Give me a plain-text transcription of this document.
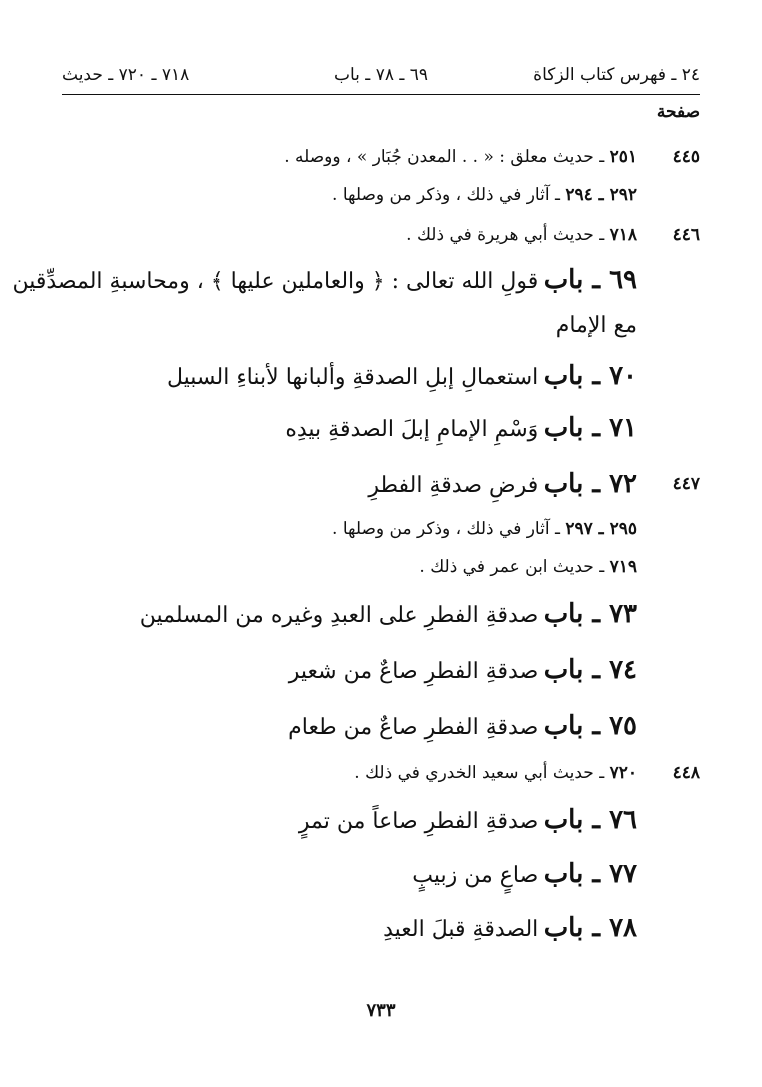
٢٤ ـ فهرس كتاب الزكاة
٦٩ ـ ٧٨ ـ باب
٧١٨ ـ ٧٢٠ ـ حديث
صفحة
٤٤٥
٢٥١ ـ حديث معلق : « . . المعدن جُبَار » ، ووصله .
٢٩٢ ـ ٢٩٤ ـ آثار في ذلك ، وذكر من وصلها .
٤٤٦
٧١٨ ـ حديث أبي هريرة في ذلك .
٦٩ ـ باب قولِ الله تعالى : ﴿ والعاملين عليها ﴾ ، ومحاسبةِ المصدِّقين
مع الإمام
٧٠ ـ باب استعمالِ إبلِ الصدقةِ وألبانها لأبناءِ السبيل
٧١ ـ باب وَسْمِ الإمامِ إبلَ الصدقةِ بيدِه
٤٤٧
٧٢ ـ باب فرضِ صدقةِ الفطرِ
٢٩٥ ـ ٢٩٧ ـ آثار في ذلك ، وذكر من وصلها .
٧١٩ ـ حديث ابن عمر في ذلك .
٧٣ ـ باب صدقةِ الفطرِ على العبدِ وغيره من المسلمين
٧٤ ـ باب صدقةِ الفطرِ صاعٌ من شعير
٧٥ ـ باب صدقةِ الفطرِ صاعٌ من طعام
٤٤٨
٧٢٠ ـ حديث أبي سعيد الخدري في ذلك .
٧٦ ـ باب صدقةِ الفطرِ صاعاً من تمرٍ
٧٧ ـ باب صاعٍ من زبيبٍ
٧٨ ـ باب الصدقةِ قبلَ العيدِ
٧٣٣
